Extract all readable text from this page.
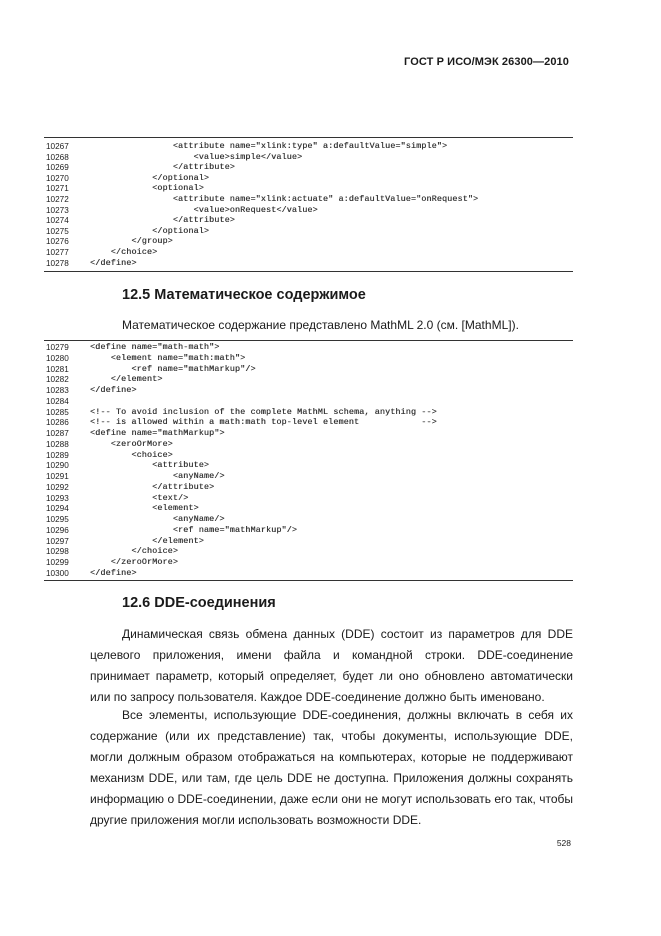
ГОСТ Р ИСО/МЭК 26300—2010
10267	<attribute name="xlink:type" a:defaultValue="simple">
10268	<value>simple</value>
10269	</attribute>
10270	</optional>
10271	<optional>
10272	<attribute name="xlink:actuate" a:defaultValue="onRequest">
10273	<value>onRequest</value>
10274	</attribute>
10275	</optional>
10276	</group>
10277	</choice>
10278	</define>
12.5 Математическое содержимое

Математическое содержание представлено MathML 2.0 (см. [MathML]).

10279	<define name="math-math">
10280	<element name="math:math">
10281	<ref name="mathMarkup"/>
10282	</element>
10283	</define>
10284
10285	<!-- To avoid inclusion of the complete MathML schema, anything -->
10286	<!-- is allowed within a math:math top-level element            -->
10287	<define name="mathMarkup">
10288	<zeroOrMore>
10289	<choice>
10290	<attribute>
10291	<anyName/>
10292	</attribute>
10293	<text/>
10294	<element>
10295	<anyName/>
10296	<ref name="mathMarkup"/>
10297	</element>
10298	</choice>
10299	</zeroOrMore>
10300	</define>
12.6 DDE-соединения

Динамическая связь обмена данных (DDE) состоит из параметров для DDE целевого приложения, имени файла и командной строки. DDE-соединение принимает параметр, который определяет, будет ли оно обновлено автоматически или по запросу пользователя. Каждое DDE-соединение должно быть именовано.

Все элементы, использующие DDE-соединения, должны включать в себя их содержание (или их представление) так, чтобы документы, использующие DDE, могли должным образом отображаться на компьютерах, которые не поддерживают механизм DDE, или там, где цель DDE не доступна. Приложения должны сохранять информацию о DDE-соединении, даже если они не могут использовать его так, чтобы другие приложения могли использовать возможности DDE.

528
